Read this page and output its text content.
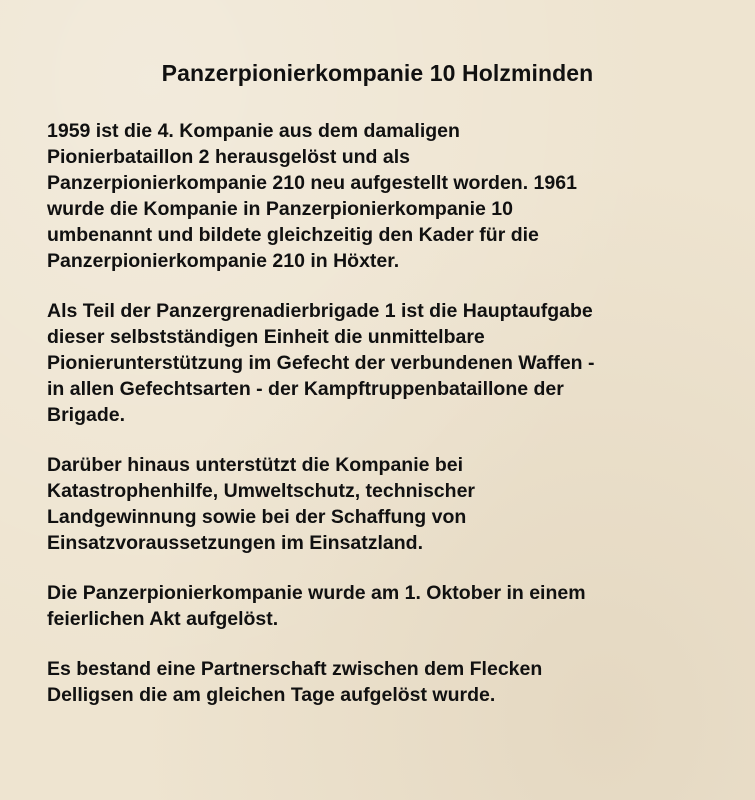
Panzerpionierkompanie 10 Holzminden

1959 ist die 4. Kompanie aus dem damaligen
Pionierbataillon 2 herausgelöst und als
Panzerpionierkompanie 210 neu aufgestellt worden. 1961
wurde die Kompanie in Panzerpionierkompanie 10
umbenannt und bildete gleichzeitig den Kader für die
Panzerpionierkompanie 210 in Höxter.

Als Teil der Panzergrenadierbrigade 1 ist die Hauptaufgabe
dieser selbstständigen Einheit die unmittelbare
Pionierunterstützung im Gefecht der verbundenen Waffen -
in allen Gefechtsarten - der Kampftruppenbataillone der
Brigade.

Darüber hinaus unterstützt die Kompanie bei
Katastrophenhilfe, Umweltschutz, technischer
Landgewinnung sowie bei der Schaffung von
Einsatzvoraussetzungen im Einsatzland.

Die Panzerpionierkompanie wurde am 1. Oktober in einem
feierlichen Akt aufgelöst.

Es bestand eine Partnerschaft zwischen dem Flecken
Delligsen die am gleichen Tage aufgelöst wurde.
